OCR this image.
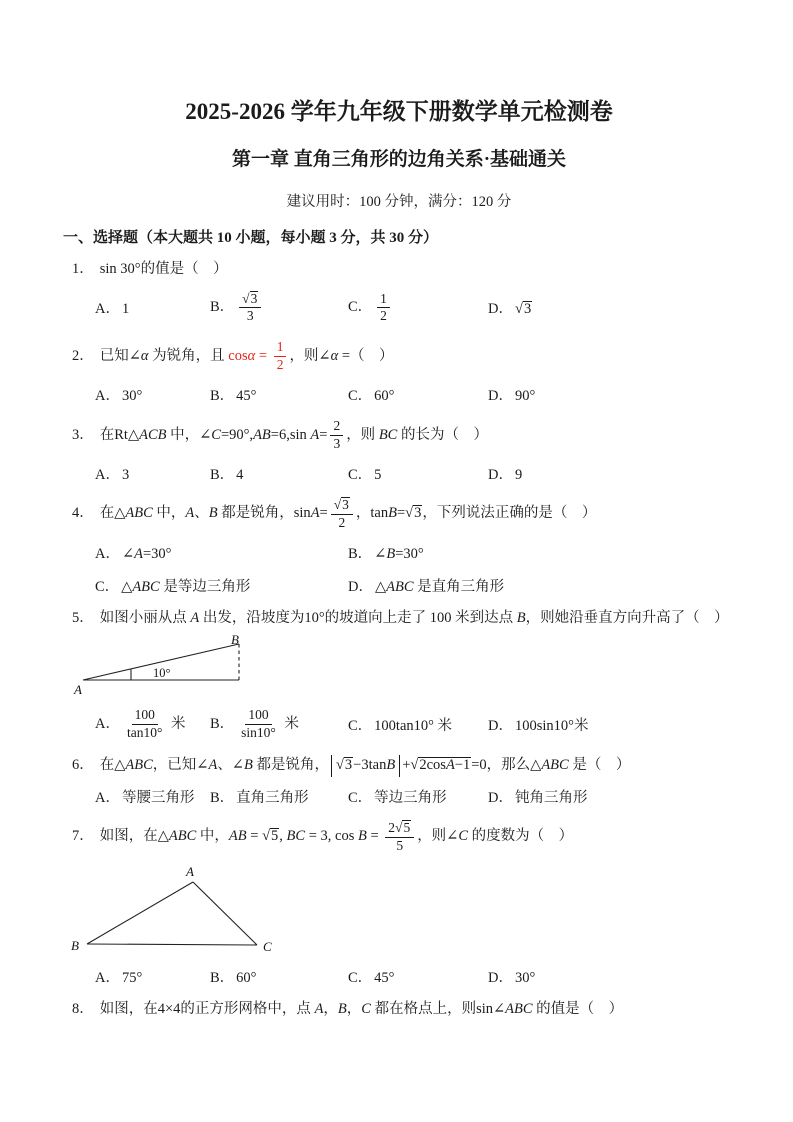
2025-2026 学年九年级下册数学单元检测卷
第一章 直角三角形的边角关系·基础通关
建议用时：100 分钟，满分：120 分
一、选择题（本大题共 10 小题，每小题 3 分，共 30 分）
1． sin 30°的值是（　）
A． 1	B． $\frac{√3}{3}$	C． $\frac{1}{2}$	D． √3
2． 已知∠α 为锐角，且 $\cos\alpha = \frac{1}{2}$ ，则∠α =（　）
A． 30°	B． 45°	C． 60°	D． 90°
3． 在Rt△ACB 中，∠C=90°,AB=6,sin $A= \frac{2}{3}$ ，则 BC 的长为（　）
A． 3	B． 4	C． 5	D． 9
4． 在△ABC 中，A、B 都是锐角，$\sin A= \frac{√3}{2}$ ，tanB=√3，下列说法正确的是（　）
A． ∠A=30°	B． ∠B=30°
C． △ABC 是等边三角形	D． △ABC 是直角三角形
5． 如图小丽从点 A 出发，沿坡度为10°的坡道向上走了 100 米到达点 B，则她沿垂直方向升高了（　）
10°
A
B
A． $\frac{100}{\tan 10^\circ}$ 米	B． $\frac{100}{\sin 10^\circ}$ 米	C． 100tan10° 米	D． 100sin10°米
6． 在△ABC，已知∠A、∠B 都是锐角， √3−3tanB +√2cosA−1=0，那么△ABC 是（　）
A． 等腰三角形	B． 直角三角形	C． 等边三角形	D． 钝角三角形
7． 如图，在△ABC 中，AB = √5, BC = 3, $\cos B = \frac{2√5}{5}$ ，则∠C 的度数为（　）
A
B	C
A． 75°	B． 60°	C． 45°	D． 30°
8． 如图，在4×4的正方形网格中，点 A，B，C 都在格点上，则sin∠ABC 的值是（　）
